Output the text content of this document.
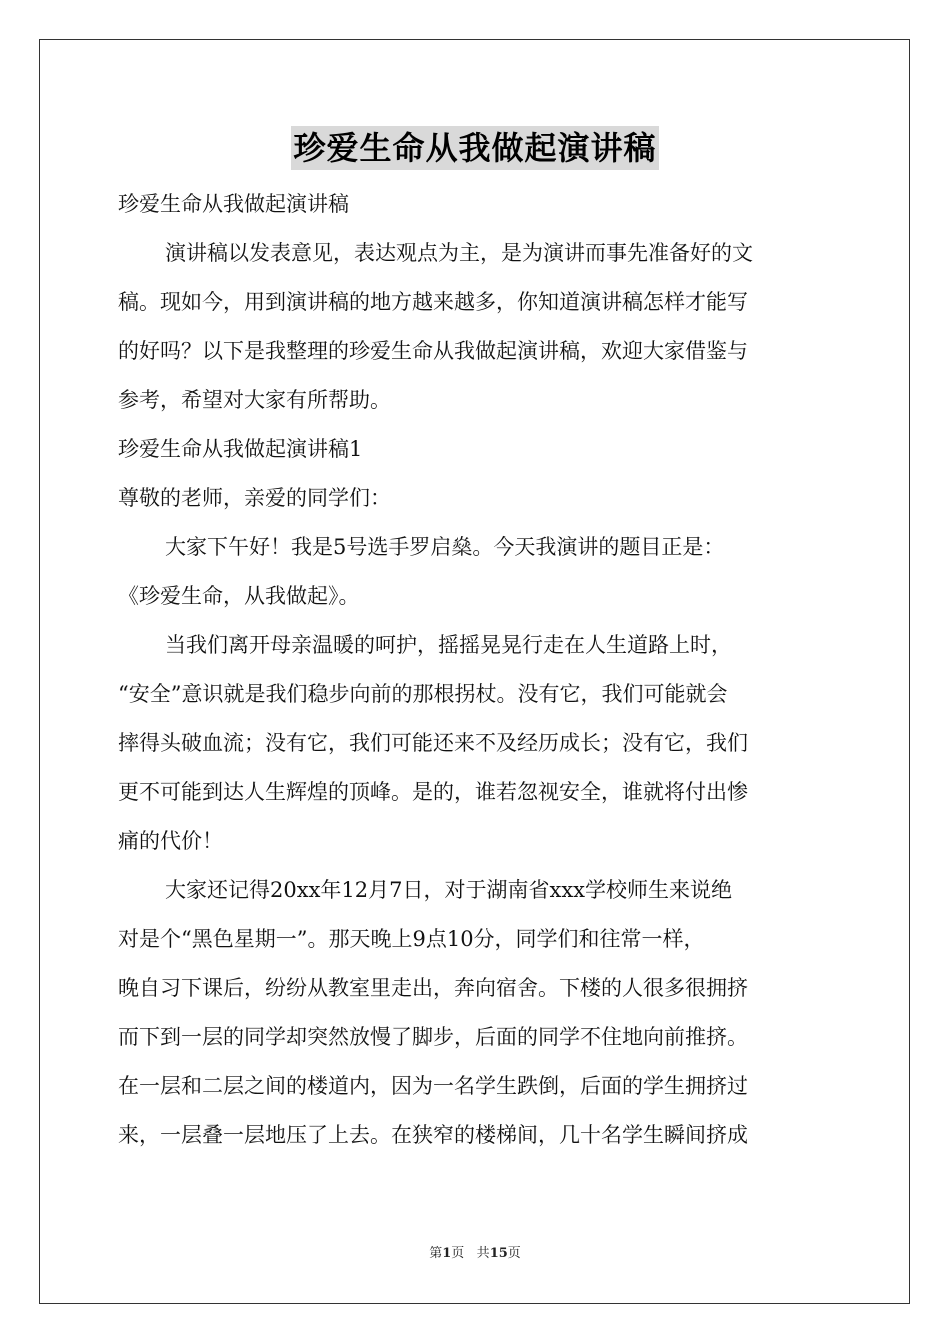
珍爱生命从我做起演讲稿
珍爱生命从我做起演讲稿
演讲稿以发表意见，表达观点为主，是为演讲而事先准备好的文
稿。现如今，用到演讲稿的地方越来越多，你知道演讲稿怎样才能写
的好吗？以下是我整理的珍爱生命从我做起演讲稿，欢迎大家借鉴与
参考，希望对大家有所帮助。
珍爱生命从我做起演讲稿1
尊敬的老师，亲爱的同学们：
大家下午好！我是5号选手罗启燊。今天我演讲的题目正是：
《珍爱生命，从我做起》。
当我们离开母亲温暖的呵护，摇摇晃晃行走在人生道路上时，
“安全”意识就是我们稳步向前的那根拐杖。没有它，我们可能就会
摔得头破血流；没有它，我们可能还来不及经历成长；没有它，我们
更不可能到达人生辉煌的顶峰。是的，谁若忽视安全，谁就将付出惨
痛的代价！
大家还记得20xx年12月7日，对于湖南省xxx学校师生来说绝
对是个“黑色星期一”。那天晚上9点10分，同学们和往常一样，
晚自习下课后，纷纷从教室里走出，奔向宿舍。下楼的人很多很拥挤
而下到一层的同学却突然放慢了脚步，后面的同学不住地向前推挤。
在一层和二层之间的楼道内，因为一名学生跌倒，后面的学生拥挤过
来，一层叠一层地压了上去。在狭窄的楼梯间，几十名学生瞬间挤成
第1页 共15页
